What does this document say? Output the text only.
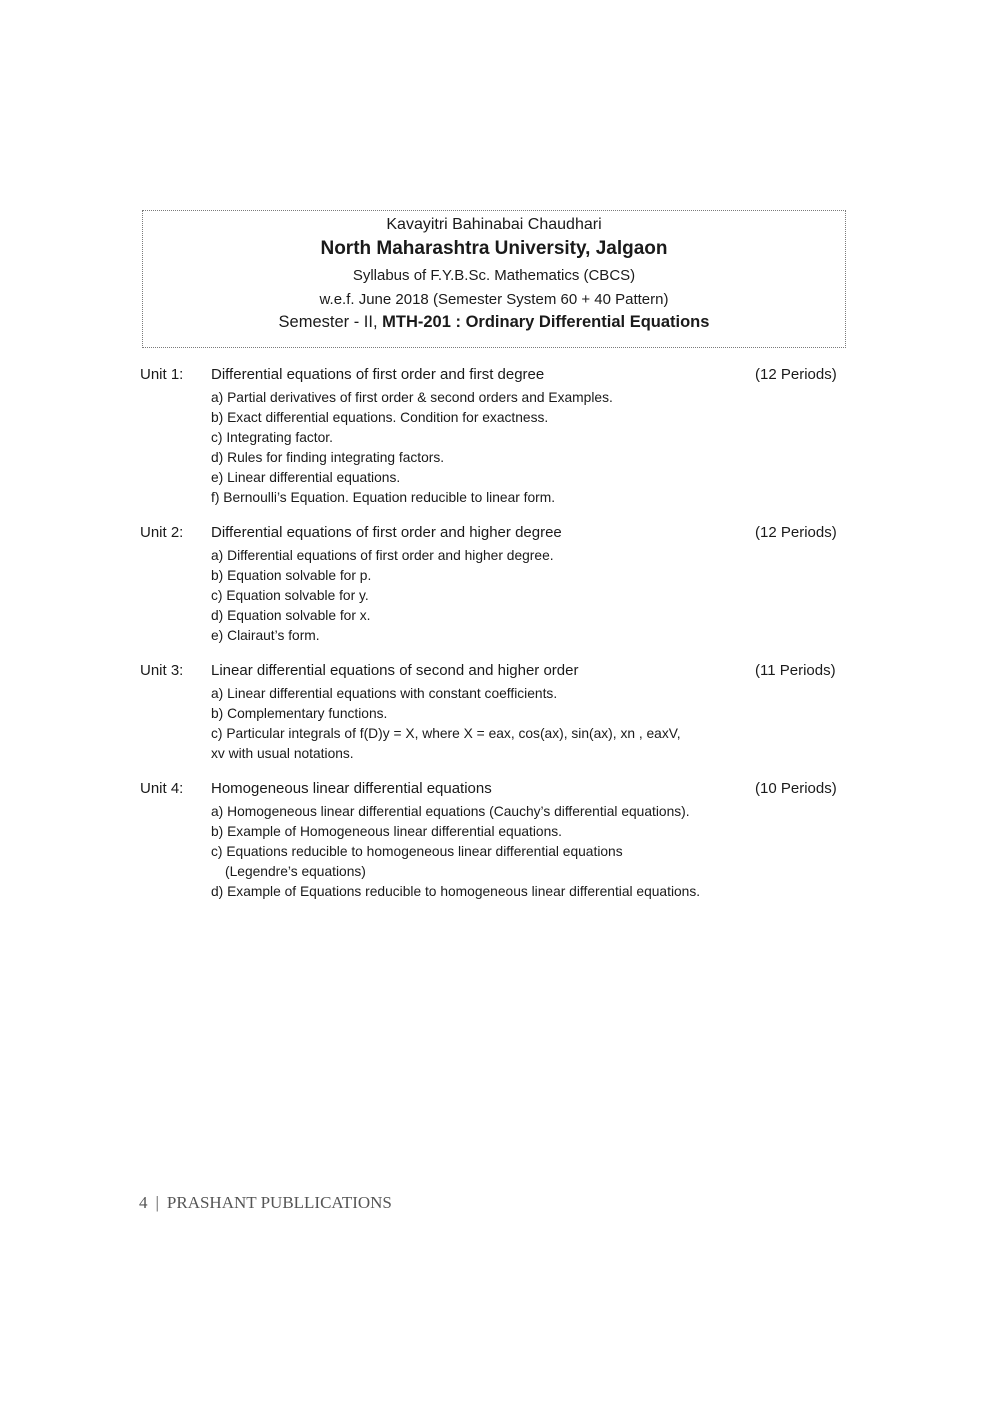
Kavayitri Bahinabai Chaudhari
North Maharashtra University, Jalgaon
Syllabus of F.Y.B.Sc. Mathematics (CBCS)
w.e.f. June 2018 (Semester System 60 + 40 Pattern)
Semester - II, MTH-201 : Ordinary Differential Equations
Unit 1: Differential equations of first order and first degree	(12 Periods)
a) Partial derivatives of first order & second orders and Examples.
b) Exact differential equations. Condition for exactness.
c) Integrating factor.
d) Rules for finding integrating factors.
e) Linear differential equations.
f) Bernoulli’s Equation. Equation reducible to linear form.
Unit 2: Differential equations of first order and higher degree	(12 Periods)
a) Differential equations of first order and higher degree.
b) Equation solvable for p.
c) Equation solvable for y.
d) Equation solvable for x.
e) Clairaut’s form.
Unit 3: Linear differential equations of second and higher order	(11 Periods)
a) Linear differential equations with constant coefficients.
b) Complementary functions.
c) Particular integrals of f(D)y = X, where X = eax, cos(ax), sin(ax), xn , eaxV,
xv with usual notations.
Unit 4: Homogeneous linear differential equations	(10 Periods)
a) Homogeneous linear differential equations (Cauchy’s differential equations).
b) Example of Homogeneous linear differential equations.
c) Equations reducible to homogeneous linear differential equations
(Legendre’s equations)
d) Example of Equations reducible to homogeneous linear differential equations.
4 | PRASHANT PUBLLICATIONS
